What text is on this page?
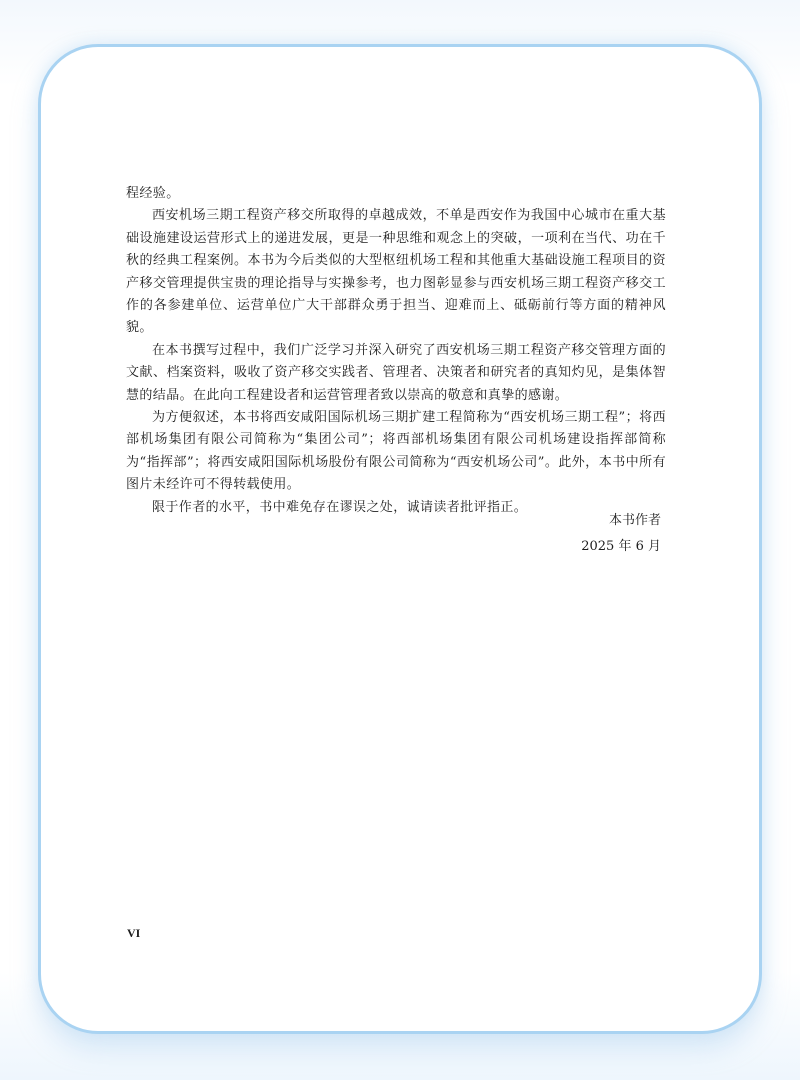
程经验。

西安机场三期工程资产移交所取得的卓越成效，不单是西安作为我国中心城市在重大基础设施建设运营形式上的递进发展，更是一种思维和观念上的突破，一项利在当代、功在千秋的经典工程案例。本书为今后类似的大型枢纽机场工程和其他重大基础设施工程项目的资产移交管理提供宝贵的理论指导与实操参考，也力图彰显参与西安机场三期工程资产移交工作的各参建单位、运营单位广大干部群众勇于担当、迎难而上、砥砺前行等方面的精神风貌。

在本书撰写过程中，我们广泛学习并深入研究了西安机场三期工程资产移交管理方面的文献、档案资料，吸收了资产移交实践者、管理者、决策者和研究者的真知灼见，是集体智慧的结晶。在此向工程建设者和运营管理者致以崇高的敬意和真挚的感谢。

为方便叙述，本书将西安咸阳国际机场三期扩建工程简称为“西安机场三期工程”；将西部机场集团有限公司简称为“集团公司”；将西部机场集团有限公司机场建设指挥部简称为“指挥部”；将西安咸阳国际机场股份有限公司简称为“西安机场公司”。此外，本书中所有图片未经许可不得转载使用。

限于作者的水平，书中难免存在谬误之处，诚请读者批评指正。

本书作者
2025 年 6 月
VI
